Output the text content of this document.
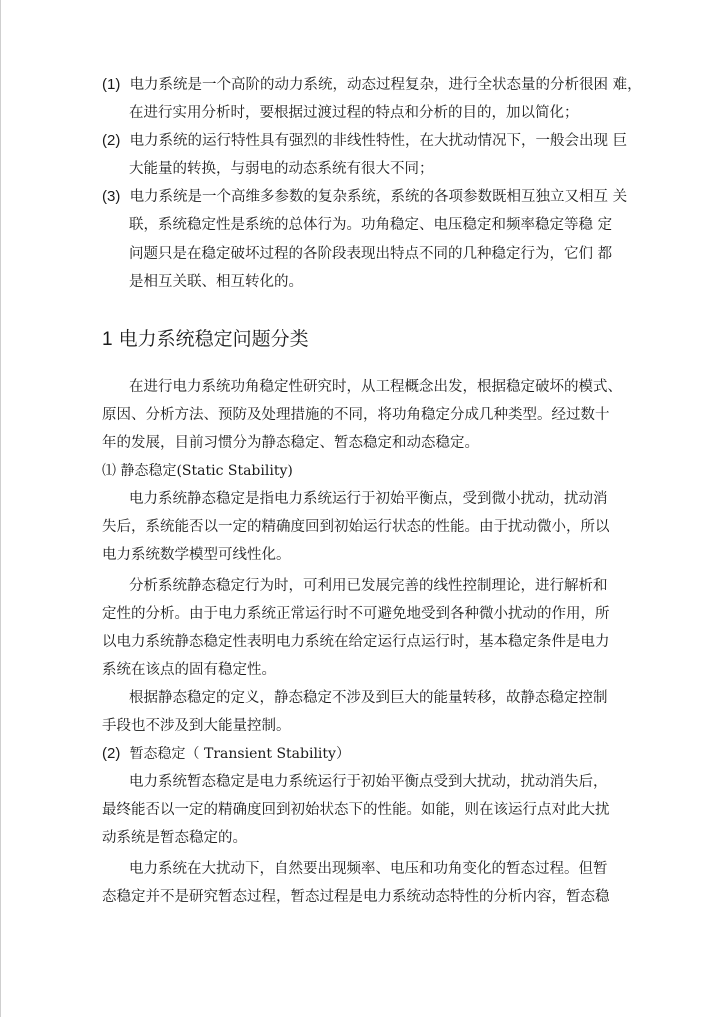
(1) 电力系统是一个高阶的动力系统，动态过程复杂，进行全状态量的分析很困 难，
在进行实用分析时，要根据过渡过程的特点和分析的目的，加以简化；
(2) 电力系统的运行特性具有强烈的非线性特性，在大扰动情况下，一般会出现 巨
大能量的转换，与弱电的动态系统有很大不同；
(3) 电力系统是一个高维多参数的复杂系统，系统的各项参数既相互独立又相互 关
联，系统稳定性是系统的总体行为。功角稳定、电压稳定和频率稳定等稳 定
问题只是在稳定破坏过程的各阶段表现出特点不同的几种稳定行为，它们 都
是相互关联、相互转化的。
1 电力系统稳定问题分类
在进行电力系统功角稳定性研究时，从工程概念出发，根据稳定破坏的模式、
原因、分析方法、预防及处理措施的不同，将功角稳定分成几种类型。经过数十
年的发展，目前习惯分为静态稳定、暂态稳定和动态稳定。
⑴ 静态稳定(Static Stability)
电力系统静态稳定是指电力系统运行于初始平衡点，受到微小扰动，扰动消
失后，系统能否以一定的精确度回到初始运行状态的性能。由于扰动微小，所以
电力系统数学模型可线性化。
分析系统静态稳定行为时，可利用已发展完善的线性控制理论，进行解析和
定性的分析。由于电力系统正常运行时不可避免地受到各种微小扰动的作用，所
以电力系统静态稳定性表明电力系统在给定运行点运行时，基本稳定条件是电力
系统在该点的固有稳定性。
根据静态稳定的定义，静态稳定不涉及到巨大的能量转移，故静态稳定控制
手段也不涉及到大能量控制。
(2) 暂态稳定（ Transient Stability）
电力系统暂态稳定是电力系统运行于初始平衡点受到大扰动，扰动消失后，
最终能否以一定的精确度回到初始状态下的性能。如能，则在该运行点对此大扰
动系统是暂态稳定的。
电力系统在大扰动下，自然要出现频率、电压和功角变化的暂态过程。但暂
态稳定并不是研究暂态过程，暂态过程是电力系统动态特性的分析内容，暂态稳
